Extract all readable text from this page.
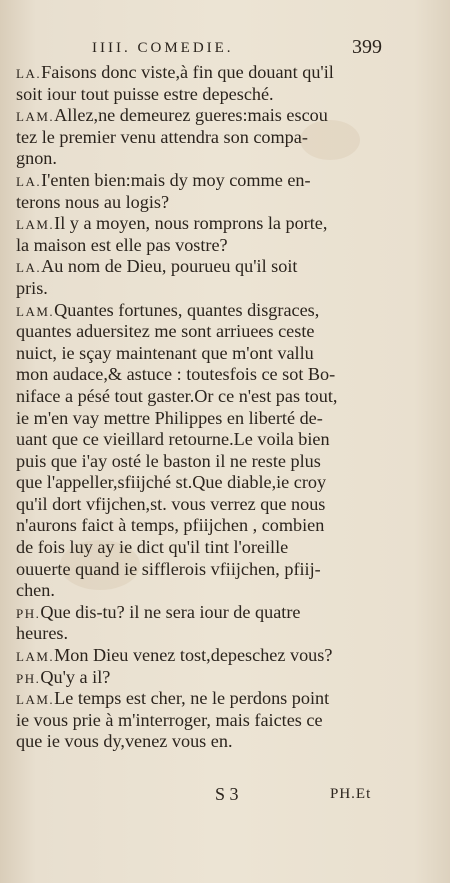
IIII. COMEDIE.	399
LA.Faisons donc viste,à fin que douant qu'il
soit iour tout puisse estre depesché.
LAM.Allez,ne demeurez gueres:mais escou
tez le premier venu attendra son compa-
gnon.
LA.I'enten bien:mais dy moy comme en-
terons nous au logis?
LAM.Il y a moyen, nous romprons la porte,
la maison est elle pas vostre?
LA.Au nom de Dieu, pourueu qu'il soit
pris.
LAM.Quantes fortunes, quantes disgraces,
quantes aduersitez me sont arriuees ceste
nuict, ie sçay maintenant que m'ont vallu
mon audace,& astuce : toutesfois ce sot Bo-
niface a pésé tout gaster.Or ce n'est pas tout,
ie m'en vay mettre Philippes en liberté de-
uant que ce vieillard retourne.Le voila bien
puis que i'ay osté le baston il ne reste plus
que l'appeller,sfiijché st.Que diable,ie croy
qu'il dort vfijchen,st. vous verrez que nous
n'aurons faict à temps, pfiijchen , combien
de fois luy ay ie dict qu'il tint l'oreille
ouuerte quand ie sifflerois vfiijchen, pfiij-
chen.
PH.Que dis-tu? il ne sera iour de quatre
heures.
LAM.Mon Dieu venez tost,depeschez vous?
PH.Qu'y a il?
LAM.Le temps est cher, ne le perdons point
ie vous prie à m'interroger, mais faictes ce
que ie vous dy,venez vous en.
S 3	PH.Et
